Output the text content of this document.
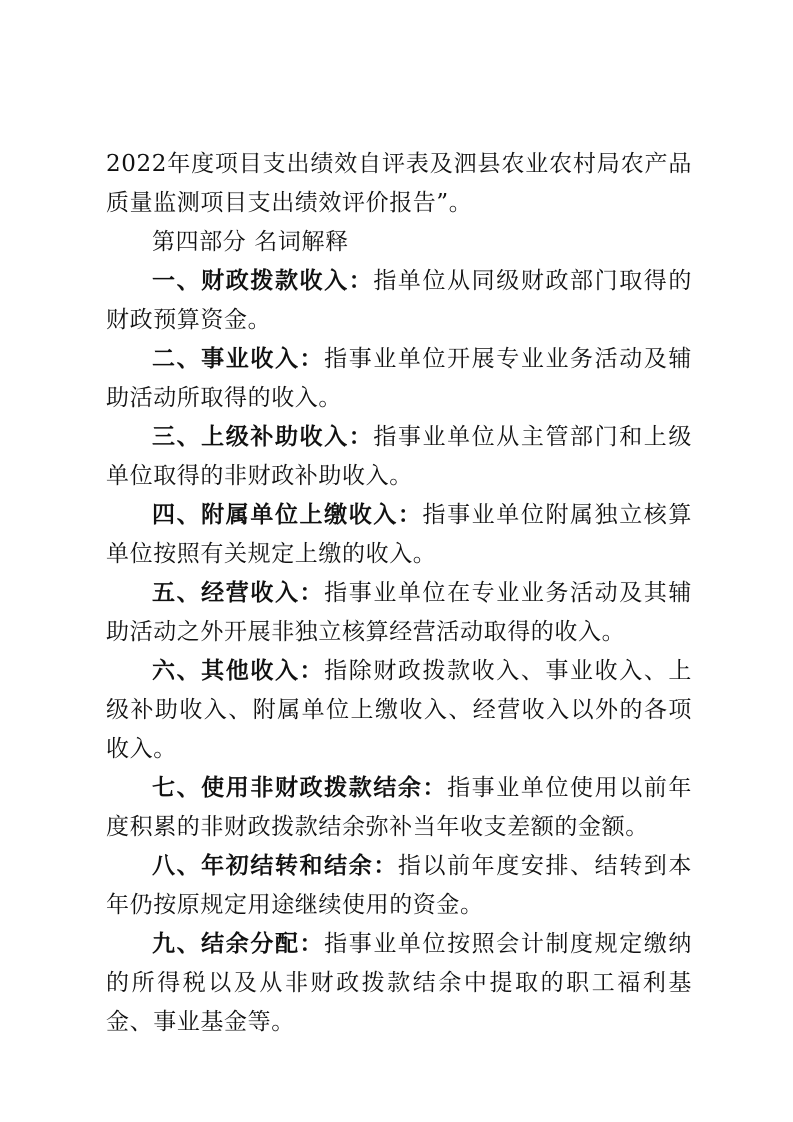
2022年度项目支出绩效自评表及泗县农业农村局农产品质量监测项目支出绩效评价报告”。

第四部分 名词解释

一、财政拨款收入：指单位从同级财政部门取得的财政预算资金。

二、事业收入：指事业单位开展专业业务活动及辅助活动所取得的收入。

三、上级补助收入：指事业单位从主管部门和上级单位取得的非财政补助收入。

四、附属单位上缴收入：指事业单位附属独立核算单位按照有关规定上缴的收入。

五、经营收入：指事业单位在专业业务活动及其辅助活动之外开展非独立核算经营活动取得的收入。

六、其他收入：指除财政拨款收入、事业收入、上级补助收入、附属单位上缴收入、经营收入以外的各项收入。

七、使用非财政拨款结余：指事业单位使用以前年度积累的非财政拨款结余弥补当年收支差额的金额。

八、年初结转和结余：指以前年度安排、结转到本年仍按原规定用途继续使用的资金。

九、结余分配：指事业单位按照会计制度规定缴纳的所得税以及从非财政拨款结余中提取的职工福利基金、事业基金等。
